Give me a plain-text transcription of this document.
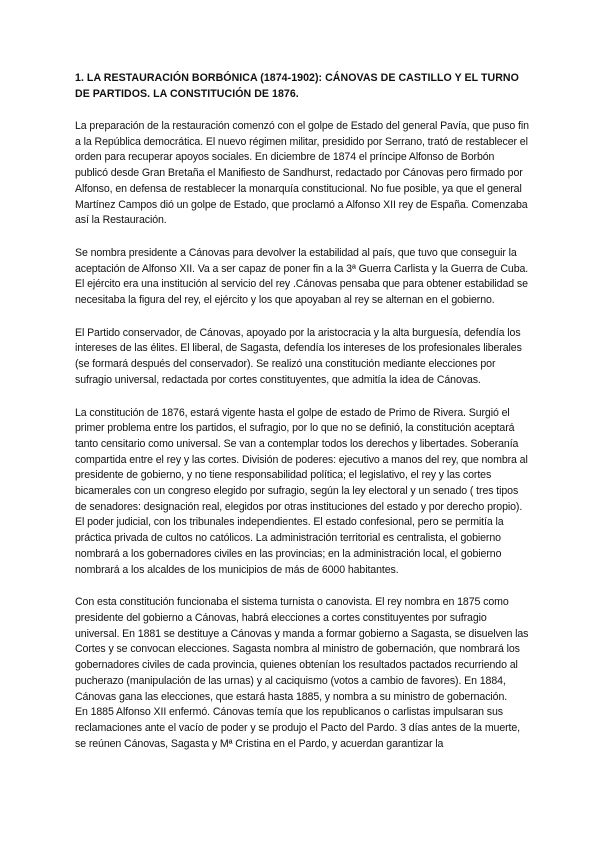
1. LA RESTAURACIÓN BORBÓNICA (1874-1902): CÁNOVAS DE CASTILLO Y EL TURNO DE PARTIDOS. LA CONSTITUCIÓN DE 1876.

La preparación de la restauración comenzó con el golpe de Estado del general Pavía, que puso fin a la República democrática. El nuevo régimen militar, presidido por Serrano, trató de restablecer el orden para recuperar apoyos sociales. En diciembre de 1874 el príncipe Alfonso de Borbón publicó desde Gran Bretaña el Manifiesto de Sandhurst, redactado por Cánovas pero firmado por Alfonso, en defensa de restablecer la monarquía constitucional. No fue posible, ya que el general Martínez Campos dió un golpe de Estado, que proclamó a Alfonso XII rey de España. Comenzaba así la Restauración.

Se nombra presidente a Cánovas para devolver la estabilidad al país, que tuvo que conseguir la aceptación de Alfonso XII. Va a ser capaz de poner fin a la 3ª Guerra Carlista y la Guerra de Cuba. El ejército era una institución al servicio del rey .Cánovas pensaba que para obtener estabilidad se necesitaba la figura del rey, el ejército y los que apoyaban al rey se alternan en el gobierno.

El Partido conservador, de Cánovas, apoyado por la aristocracia y la alta burguesía, defendía los intereses de las élites. El liberal, de Sagasta, defendía los intereses de los profesionales liberales (se formará después del conservador). Se realizó una constitución mediante elecciones por sufragio universal, redactada por cortes constituyentes, que admitía la idea de Cánovas.

La constitución de 1876, estará vigente hasta el golpe de estado de Primo de Rivera. Surgió el primer problema entre los partidos, el sufragio, por lo que no se definió, la constitución aceptará tanto censitario como universal. Se van a contemplar todos los derechos y libertades. Soberanía compartida entre el rey y las cortes. División de poderes: ejecutivo a manos del rey, que nombra al presidente de gobierno, y no tiene responsabilidad política; el legislativo, el rey y las cortes bicamerales con un congreso elegido por sufragio, según la ley electoral y un senado ( tres tipos de senadores: designación real, elegidos por otras instituciones del estado y por derecho propio). El poder judicial, con los tribunales independientes. El estado confesional, pero se permitía la práctica privada de cultos no católicos. La administración territorial es centralista, el gobierno nombrará a los gobernadores civiles en las provincias; en la administración local, el gobierno nombrará a los alcaldes de los municipios de más de 6000 habitantes.

Con esta constitución funcionaba el sistema turnista o canovista. El rey nombra en 1875 como presidente del gobierno a Cánovas, habrá elecciones a cortes constituyentes por sufragio universal. En 1881 se destituye a Cánovas y manda a formar gobierno a Sagasta, se disuelven las Cortes y se convocan elecciones. Sagasta nombra al ministro de gobernación, que nombrará los gobernadores civiles de cada provincia, quienes obtenían los resultados pactados recurriendo al pucherazo (manipulación de las urnas) y al caciquismo (votos a cambio de favores). En 1884, Cánovas gana las elecciones, que estará hasta 1885, y nombra a su ministro de gobernación.

En 1885 Alfonso XII enfermó. Cánovas temía que los republicanos o carlistas impulsaran sus reclamaciones ante el vacío de poder y se produjo el Pacto del Pardo. 3 días antes de la muerte, se reúnen Cánovas, Sagasta y Mª Cristina en el Pardo, y acuerdan garantizar la
